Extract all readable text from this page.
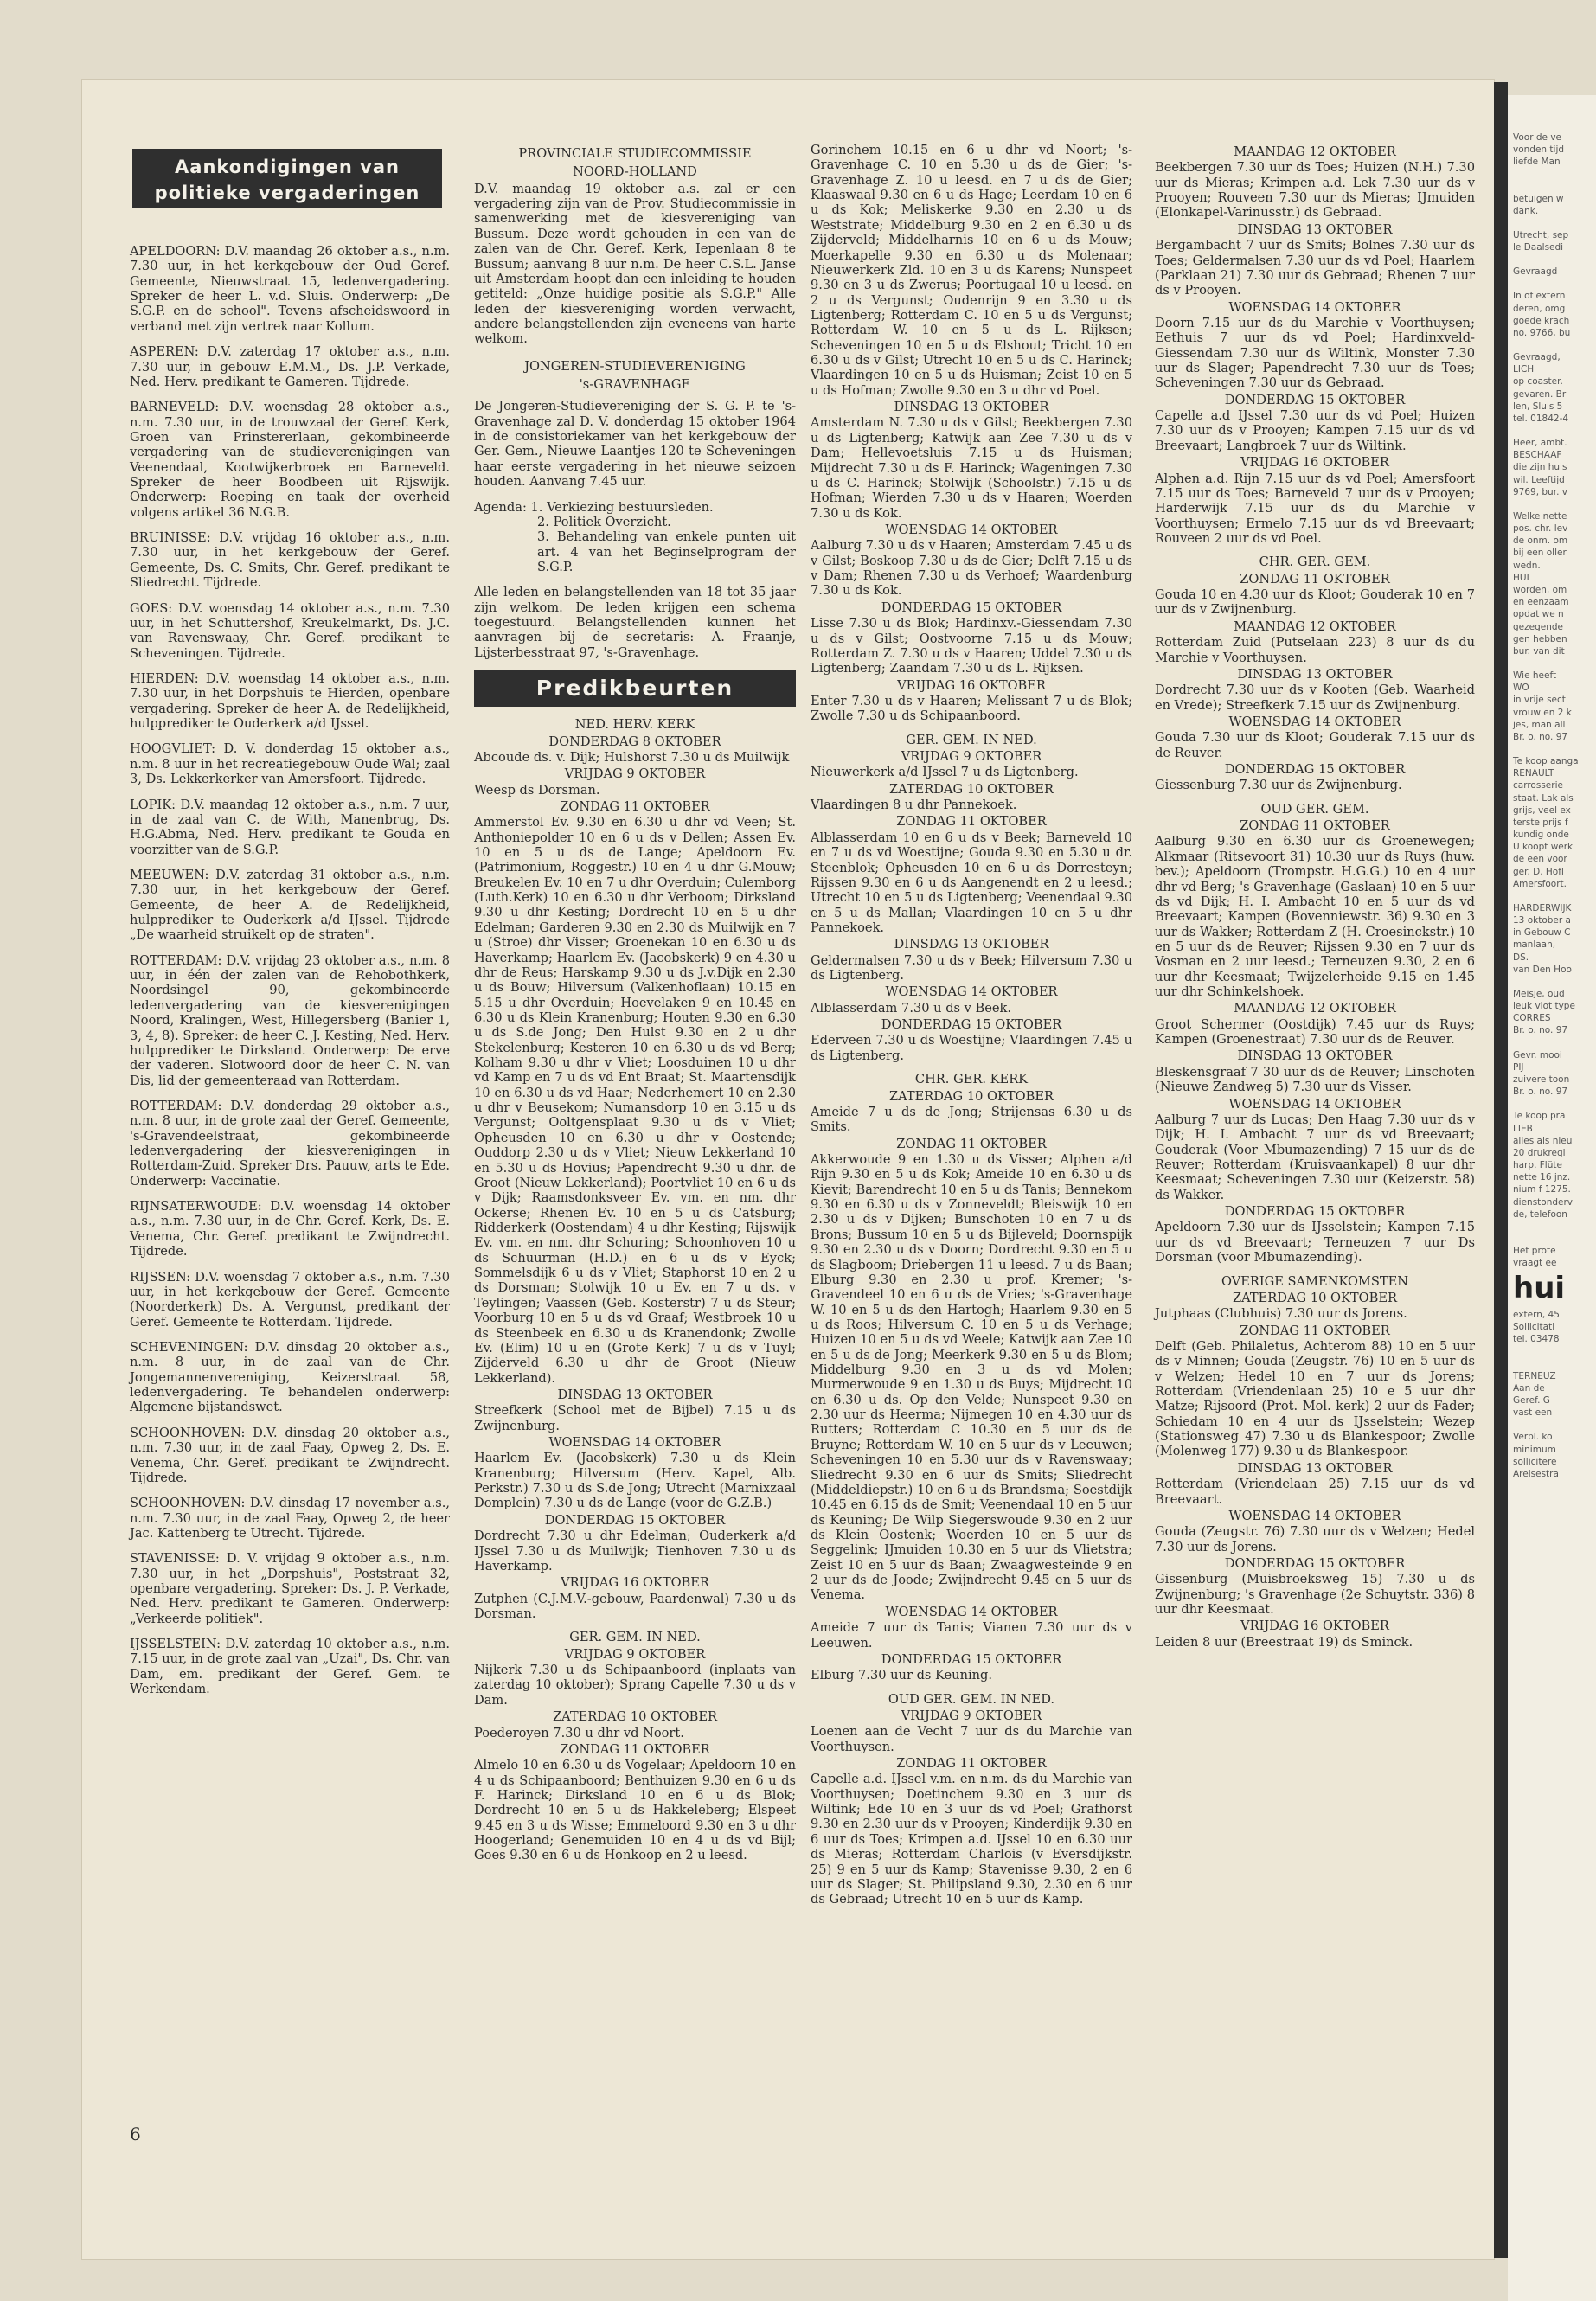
Voor de ve
vonden tijd
liefde Man
betuigen w
dank.
Utrecht, sep
le Daalsedi
Gevraagd
In of extern
deren, omg
goede krach
no. 9766, bu
Gevraagd,
LICH
op coaster.
gevaren. Br
len, Sluis 5
tel. 01842-4
Heer, ambt.
BESCHAAF
die zijn huis
wil. Leeftijd
9769, bur. v
Welke nette
pos. chr. lev
de onm. om
bij een oller
wedn.
HUI
worden, om
en eenzaam
opdat we n
gezegende
gen hebben
bur. van dit
Wie heeft
WO
in vrije sect
vrouw en 2 k
jes, man all
Br. o. no. 97
Te koop aanga
RENAULT
carrosserie
staat. Lak als
grijs, veel ex
terste prijs f
kundig onde
U koopt werk
de een voor
ger. D. Hofl
Amersfoort.
HARDERWIJK
13 oktober a
in Gebouw C
manlaan,
DS.
van Den Hoo
Meisje, oud
leuk vlot type
CORRES
Br. o. no. 97
Gevr. mooi
PIJ
zuivere toon
Br. o. no. 97
Te koop pra
LIEB
alles als nieu
20 drukregi
harp. Flüte
nette 16 jnz.
nium f 1275.
dienstonderv
de, telefoon
Het prote
vraagt ee
hui
extern, 45
Sollicitati
tel. 03478
TERNEUZ
Aan de
Geref. G
vast een
Verpl. ko
minimum
sollicitere
Arelsestra
Aankondigingen van
politieke vergaderingen

APELDOORN: D.V. maandag 26 oktober a.s., n.m. 7.30 uur, in het kerkgebouw der Oud Geref. Gemeente, Nieuwstraat 15, ledenvergadering. Spreker de heer L. v.d. Sluis. Onderwerp: „De S.G.P. en de school". Tevens afscheidswoord in verband met zijn vertrek naar Kollum.

ASPEREN: D.V. zaterdag 17 oktober a.s., n.m. 7.30 uur, in gebouw E.M.M., Ds. J.P. Verkade, Ned. Herv. predikant te Gameren. Tijdrede.

BARNEVELD: D.V. woensdag 28 oktober a.s., n.m. 7.30 uur, in de trouwzaal der Geref. Kerk, Groen van Prinstererlaan, gekombineerde vergadering van de studieverenigingen van Veenendaal, Kootwijkerbroek en Barneveld. Spreker de heer Boodbeen uit Rijswijk. Onderwerp: Roeping en taak der overheid volgens artikel 36 N.G.B.

BRUINISSE: D.V. vrijdag 16 oktober a.s., n.m. 7.30 uur, in het kerkgebouw der Geref. Gemeente, Ds. C. Smits, Chr. Geref. predikant te Sliedrecht. Tijdrede.

GOES: D.V. woensdag 14 oktober a.s., n.m. 7.30 uur, in het Schuttershof, Kreukelmarkt, Ds. J.C. van Ravenswaay, Chr. Geref. predikant te Scheveningen. Tijdrede.

HIERDEN: D.V. woensdag 14 oktober a.s., n.m. 7.30 uur, in het Dorpshuis te Hierden, openbare vergadering. Spreker de heer A. de Redelijkheid, hulpprediker te Ouderkerk a/d IJssel.

HOOGVLIET: D. V. donderdag 15 oktober a.s., n.m. 8 uur in het recreatiegebouw Oude Wal; zaal 3, Ds. Lekkerkerker van Amersfoort. Tijdrede.

LOPIK: D.V. maandag 12 oktober a.s., n.m. 7 uur, in de zaal van C. de With, Manenbrug, Ds. H.G.Abma, Ned. Herv. predikant te Gouda en voorzitter van de S.G.P.

MEEUWEN: D.V. zaterdag 31 oktober a.s., n.m. 7.30 uur, in het kerkgebouw der Geref. Gemeente, de heer A. de Redelijkheid, hulpprediker te Ouderkerk a/d IJssel. Tijdrede „De waarheid struikelt op de straten".

ROTTERDAM: D.V. vrijdag 23 oktober a.s., n.m. 8 uur, in één der zalen van de Rehobothkerk, Noordsingel 90, gekombineerde ledenvergadering van de kiesverenigingen Noord, Kralingen, West, Hillegersberg (Banier 1, 3, 4, 8). Spreker: de heer C. J. Kesting, Ned. Herv. hulpprediker te Dirksland. Onderwerp: De erve der vaderen. Slotwoord door de heer C. N. van Dis, lid der gemeenteraad van Rotterdam.

ROTTERDAM: D.V. donderdag 29 oktober a.s., n.m. 8 uur, in de grote zaal der Geref. Gemeente, 's-Gravendeelstraat, gekombineerde ledenvergadering der kiesverenigingen in Rotterdam-Zuid. Spreker Drs. Pauuw, arts te Ede. Onderwerp: Vaccinatie.

RIJNSATERWOUDE: D.V. woensdag 14 oktober a.s., n.m. 7.30 uur, in de Chr. Geref. Kerk, Ds. E. Venema, Chr. Geref. predikant te Zwijndrecht. Tijdrede.

RIJSSEN: D.V. woensdag 7 oktober a.s., n.m. 7.30 uur, in het kerkgebouw der Geref. Gemeente (Noorderkerk) Ds. A. Vergunst, predikant der Geref. Gemeente te Rotterdam. Tijdrede.

SCHEVENINGEN: D.V. dinsdag 20 oktober a.s., n.m. 8 uur, in de zaal van de Chr. Jongemannenvereniging, Keizerstraat 58, ledenvergadering. Te behandelen onderwerp: Algemene bijstandswet.

SCHOONHOVEN: D.V. dinsdag 20 oktober a.s., n.m. 7.30 uur, in de zaal Faay, Opweg 2, Ds. E. Venema, Chr. Geref. predikant te Zwijndrecht. Tijdrede.

SCHOONHOVEN: D.V. dinsdag 17 november a.s., n.m. 7.30 uur, in de zaal Faay, Opweg 2, de heer Jac. Kattenberg te Utrecht. Tijdrede.

STAVENISSE: D. V. vrijdag 9 oktober a.s., n.m. 7.30 uur, in het „Dorpshuis", Poststraat 32, openbare vergadering. Spreker: Ds. J. P. Verkade, Ned. Herv. predikant te Gameren. Onderwerp: „Verkeerde politiek".

IJSSELSTEIN: D.V. zaterdag 10 oktober a.s., n.m. 7.15 uur, in de grote zaal van „Uzai", Ds. Chr. van Dam, em. predikant der Geref. Gem. te Werkendam.

PROVINCIALE STUDIECOMMISSIE
NOORD-HOLLAND

D.V. maandag 19 oktober a.s. zal er een vergadering zijn van de Prov. Studiecommissie in samenwerking met de kiesvereniging van Bussum. Deze wordt gehouden in een van de zalen van de Chr. Geref. Kerk, Iepenlaan 8 te Bussum; aanvang 8 uur n.m. De heer C.S.L. Janse uit Amsterdam hoopt dan een inleiding te houden getiteld: „Onze huidige positie als S.G.P." Alle leden der kiesvereniging worden verwacht, andere belangstellenden zijn eveneens van harte welkom.

JONGEREN-STUDIEVERENIGING
's-GRAVENHAGE

De Jongeren-Studievereniging der S. G. P. te 's-Gravenhage zal D. V. donderdag 15 oktober 1964 in de consistoriekamer van het kerkgebouw der Ger. Gem., Nieuwe Laantjes 120 te Scheveningen haar eerste vergadering in het nieuwe seizoen houden. Aanvang 7.45 uur.

Agenda: 1. Verkiezing bestuursleden.
2. Politiek Overzicht.
3. Behandeling van enkele punten uit art. 4 van het Beginselprogram der S.G.P.

Alle leden en belangstellenden van 18 tot 35 jaar zijn welkom. De leden krijgen een schema toegestuurd. Belangstellenden kunnen het aanvragen bij de secretaris: A. Fraanje, Lijsterbesstraat 97, 's-Gravenhage.

Predikbeurten
NED. HERV. KERK
DONDERDAG 8 OKTOBER
Abcoude ds. v. Dijk; Hulshorst 7.30 u ds Muilwijk
VRIJDAG 9 OKTOBER
Weesp ds Dorsman.
ZONDAG 11 OKTOBER
Ammerstol Ev. 9.30 en 6.30 u dhr vd Veen; St. Anthoniepolder 10 en 6 u ds v Dellen; Assen Ev. 10 en 5 u ds de Lange; Apeldoorn Ev. (Patrimonium, Roggestr.) 10 en 4 u dhr G.Mouw; Breukelen Ev. 10 en 7 u dhr Overduin; Culemborg (Luth.Kerk) 10 en 6.30 u dhr Verboom; Dirksland 9.30 u dhr Kesting; Dordrecht 10 en 5 u dhr Edelman; Garderen 9.30 en 2.30 ds Muilwijk en 7 u (Stroe) dhr Visser; Groenekan 10 en 6.30 u ds Haverkamp; Haarlem Ev. (Jacobskerk) 9 en 4.30 u dhr de Reus; Harskamp 9.30 u ds J.v.Dijk en 2.30 u ds Bouw; Hilversum (Valkenhoflaan) 10.15 en 5.15 u dhr Overduin; Hoevelaken 9 en 10.45 en 6.30 u ds Klein Kranenburg; Houten 9.30 en 6.30 u ds S.de Jong; Den Hulst 9.30 en 2 u dhr Stekelenburg; Kesteren 10 en 6.30 u ds vd Berg; Kolham 9.30 u dhr v Vliet; Loosduinen 10 u dhr vd Kamp en 7 u ds vd Ent Braat; St. Maartensdijk 10 en 6.30 u ds vd Haar; Nederhemert 10 en 2.30 u dhr v Beusekom; Numansdorp 10 en 3.15 u ds Vergunst; Ooltgensplaat 9.30 u ds v Vliet; Opheusden 10 en 6.30 u dhr v Oostende; Ouddorp 2.30 u ds v Vliet; Nieuw Lekkerland 10 en 5.30 u ds Hovius; Papendrecht 9.30 u dhr. de Groot (Nieuw Lekkerland); Poortvliet 10 en 6 u ds v Dijk; Raamsdonksveer Ev. vm. en nm. dhr Ockerse; Rhenen Ev. 10 en 5 u ds Catsburg; Ridderkerk (Oostendam) 4 u dhr Kesting; Rijswijk Ev. vm. en nm. dhr Schuring; Schoonhoven 10 u ds Schuurman (H.D.) en 6 u ds v Eyck; Sommelsdijk 6 u ds v Vliet; Staphorst 10 en 2 u ds Dorsman; Stolwijk 10 u Ev. en 7 u ds. v Teylingen; Vaassen (Geb. Kosterstr) 7 u ds Steur; Voorburg 10 en 5 u ds vd Graaf; Westbroek 10 u ds Steenbeek en 6.30 u ds Kranendonk; Zwolle Ev. (Elim) 10 u en (Grote Kerk) 7 u ds v Tuyl; Zijderveld 6.30 u dhr de Groot (Nieuw Lekkerland).
DINSDAG 13 OKTOBER
Streefkerk (School met de Bijbel) 7.15 u ds Zwijnenburg.
WOENSDAG 14 OKTOBER
Haarlem Ev. (Jacobskerk) 7.30 u ds Klein Kranenburg; Hilversum (Herv. Kapel, Alb. Perkstr.) 7.30 u ds S.de Jong; Utrecht (Marnixzaal Domplein) 7.30 u ds de Lange (voor de G.Z.B.)
DONDERDAG 15 OKTOBER
Dordrecht 7.30 u dhr Edelman; Ouderkerk a/d IJssel 7.30 u ds Muilwijk; Tienhoven 7.30 u ds Haverkamp.
VRIJDAG 16 OKTOBER
Zutphen (C.J.M.V.-gebouw, Paardenwal) 7.30 u ds Dorsman.
GER. GEM. IN NED.
VRIJDAG 9 OKTOBER
Nijkerk 7.30 u ds Schipaanboord (inplaats van zaterdag 10 oktober); Sprang Capelle 7.30 u ds v Dam.
ZATERDAG 10 OKTOBER
Poederoyen 7.30 u dhr vd Noort.
ZONDAG 11 OKTOBER
Almelo 10 en 6.30 u ds Vogelaar; Apeldoorn 10 en 4 u ds Schipaanboord; Benthuizen 9.30 en 6 u ds F. Harinck; Dirksland 10 en 6 u ds Blok; Dordrecht 10 en 5 u ds Hakkeleberg; Elspeet 9.45 en 3 u ds Wisse; Emmeloord 9.30 en 3 u dhr Hoogerland; Genemuiden 10 en 4 u ds vd Bijl; Goes 9.30 en 6 u ds Honkoop en 2 u leesd.
Gorinchem 10.15 en 6 u dhr vd Noort; 's-Gravenhage C. 10 en 5.30 u ds de Gier; 's-Gravenhage Z. 10 u leesd. en 7 u ds de Gier; Klaaswaal 9.30 en 6 u ds Hage; Leerdam 10 en 6 u ds Kok; Meliskerke 9.30 en 2.30 u ds Weststrate; Middelburg 9.30 en 2 en 6.30 u ds Zijderveld; Middelharnis 10 en 6 u ds Mouw; Moerkapelle 9.30 en 6.30 u ds Molenaar; Nieuwerkerk Zld. 10 en 3 u ds Karens; Nunspeet 9.30 en 3 u ds Zwerus; Poortugaal 10 u leesd. en 2 u ds Vergunst; Oudenrijn 9 en 3.30 u ds Ligtenberg; Rotterdam C. 10 en 5 u ds Vergunst; Rotterdam W. 10 en 5 u ds L. Rijksen; Scheveningen 10 en 5 u ds Elshout; Tricht 10 en 6.30 u ds v Gilst; Utrecht 10 en 5 u ds C. Harinck; Vlaardingen 10 en 5 u ds Huisman; Zeist 10 en 5 u ds Hofman; Zwolle 9.30 en 3 u dhr vd Poel.
DINSDAG 13 OKTOBER
Amsterdam N. 7.30 u ds v Gilst; Beekbergen 7.30 u ds Ligtenberg; Katwijk aan Zee 7.30 u ds v Dam; Hellevoetsluis 7.15 u ds Huisman; Mijdrecht 7.30 u ds F. Harinck; Wageningen 7.30 u ds C. Harinck; Stolwijk (Schoolstr.) 7.15 u ds Hofman; Wierden 7.30 u ds v Haaren; Woerden 7.30 u ds Kok.
WOENSDAG 14 OKTOBER
Aalburg 7.30 u ds v Haaren; Amsterdam 7.45 u ds v Gilst; Boskoop 7.30 u ds de Gier; Delft 7.15 u ds v Dam; Rhenen 7.30 u ds Verhoef; Waardenburg 7.30 u ds Kok.
DONDERDAG 15 OKTOBER
Lisse 7.30 u ds Blok; Hardinxv.-Giessendam 7.30 u ds v Gilst; Oostvoorne 7.15 u ds Mouw; Rotterdam Z. 7.30 u ds v Haaren; Uddel 7.30 u ds Ligtenberg; Zaandam 7.30 u ds L. Rijksen.
VRIJDAG 16 OKTOBER
Enter 7.30 u ds v Haaren; Melissant 7 u ds Blok; Zwolle 7.30 u ds Schipaanboord.
GER. GEM. IN NED.
VRIJDAG 9 OKTOBER
Nieuwerkerk a/d IJssel 7 u ds Ligtenberg.
ZATERDAG 10 OKTOBER
Vlaardingen 8 u dhr Pannekoek.
ZONDAG 11 OKTOBER
Alblasserdam 10 en 6 u ds v Beek; Barneveld 10 en 7 u ds vd Woestijne; Gouda 9.30 en 5.30 u dr. Steenblok; Opheusden 10 en 6 u ds Dorresteyn; Rijssen 9.30 en 6 u ds Aangenendt en 2 u leesd.; Utrecht 10 en 5 u ds Ligtenberg; Veenendaal 9.30 en 5 u ds Mallan; Vlaardingen 10 en 5 u dhr Pannekoek.
DINSDAG 13 OKTOBER
Geldermalsen 7.30 u ds v Beek; Hilversum 7.30 u ds Ligtenberg.
WOENSDAG 14 OKTOBER
Alblasserdam 7.30 u ds v Beek.
DONDERDAG 15 OKTOBER
Ederveen 7.30 u ds Woestijne; Vlaardingen 7.45 u ds Ligtenberg.
CHR. GER. KERK
ZATERDAG 10 OKTOBER
Ameide 7 u ds de Jong; Strijensas 6.30 u ds Smits.
ZONDAG 11 OKTOBER
Akkerwoude 9 en 1.30 u ds Visser; Alphen a/d Rijn 9.30 en 5 u ds Kok; Ameide 10 en 6.30 u ds Kievit; Barendrecht 10 en 5 u ds Tanis; Bennekom 9.30 en 6.30 u ds v Zonneveldt; Bleiswijk 10 en 2.30 u ds v Dijken; Bunschoten 10 en 7 u ds Brons; Bussum 10 en 5 u ds Bijleveld; Doornspijk 9.30 en 2.30 u ds v Doorn; Dordrecht 9.30 en 5 u ds Slagboom; Driebergen 11 u leesd. 7 u ds Baan; Elburg 9.30 en 2.30 u prof. Kremer; 's-Gravendeel 10 en 6 u ds de Vries; 's-Gravenhage W. 10 en 5 u ds den Hartogh; Haarlem 9.30 en 5 u ds Roos; Hilversum C. 10 en 5 u ds Verhage; Huizen 10 en 5 u ds vd Weele; Katwijk aan Zee 10 en 5 u ds de Jong; Meerkerk 9.30 en 5 u ds Blom; Middelburg 9.30 en 3 u ds vd Molen; Murmerwoude 9 en 1.30 u ds Buys; Mijdrecht 10 en 6.30 u ds. Op den Velde; Nunspeet 9.30 en 2.30 uur ds Heerma; Nijmegen 10 en 4.30 uur ds Rutters; Rotterdam C 10.30 en 5 uur ds de Bruyne; Rotterdam W. 10 en 5 uur ds v Leeuwen; Scheveningen 10 en 5.30 uur ds v Ravenswaay; Sliedrecht 9.30 en 6 uur ds Smits; Sliedrecht (Middeldiepstr.) 10 en 6 u ds Brandsma; Soestdijk 10.45 en 6.15 ds de Smit; Veenendaal 10 en 5 uur ds Keuning; De Wilp Siegerswoude 9.30 en 2 uur ds Klein Oostenk; Woerden 10 en 5 uur ds Seggelink; IJmuiden 10.30 en 5 uur ds Vlietstra; Zeist 10 en 5 uur ds Baan; Zwaagwesteinde 9 en 2 uur ds de Joode; Zwijndrecht 9.45 en 5 uur ds Venema.
WOENSDAG 14 OKTOBER
Ameide 7 uur ds Tanis; Vianen 7.30 uur ds v Leeuwen.
DONDERDAG 15 OKTOBER
Elburg 7.30 uur ds Keuning.
OUD GER. GEM. IN NED.
VRIJDAG 9 OKTOBER
Loenen aan de Vecht 7 uur ds du Marchie van Voorthuysen.
ZONDAG 11 OKTOBER
Capelle a.d. IJssel v.m. en n.m. ds du Marchie van Voorthuysen; Doetinchem 9.30 en 3 uur ds Wiltink; Ede 10 en 3 uur ds vd Poel; Grafhorst 9.30 en 2.30 uur ds v Prooyen; Kinderdijk 9.30 en 6 uur ds Toes; Krimpen a.d. IJssel 10 en 6.30 uur ds Mieras; Rotterdam Charlois (v Eversdijkstr. 25) 9 en 5 uur ds Kamp; Stavenisse 9.30, 2 en 6 uur ds Slager; St. Philipsland 9.30, 2.30 en 6 uur ds Gebraad; Utrecht 10 en 5 uur ds Kamp.
MAANDAG 12 OKTOBER
Beekbergen 7.30 uur ds Toes; Huizen (N.H.) 7.30 uur ds Mieras; Krimpen a.d. Lek 7.30 uur ds v Prooyen; Rouveen 7.30 uur ds Mieras; IJmuiden (Elonkapel-Varinusstr.) ds Gebraad.
DINSDAG 13 OKTOBER
Bergambacht 7 uur ds Smits; Bolnes 7.30 uur ds Toes; Geldermalsen 7.30 uur ds vd Poel; Haarlem (Parklaan 21) 7.30 uur ds Gebraad; Rhenen 7 uur ds v Prooyen.
WOENSDAG 14 OKTOBER
Doorn 7.15 uur ds du Marchie v Voorthuysen; Eethuis 7 uur ds vd Poel; Hardinxveld-Giessendam 7.30 uur ds Wiltink, Monster 7.30 uur ds Slager; Papendrecht 7.30 uur ds Toes; Scheveningen 7.30 uur ds Gebraad.
DONDERDAG 15 OKTOBER
Capelle a.d IJssel 7.30 uur ds vd Poel; Huizen 7.30 uur ds v Prooyen; Kampen 7.15 uur ds vd Breevaart; Langbroek 7 uur ds Wiltink.
VRIJDAG 16 OKTOBER
Alphen a.d. Rijn 7.15 uur ds vd Poel; Amersfoort 7.15 uur ds Toes; Barneveld 7 uur ds v Prooyen; Harderwijk 7.15 uur ds du Marchie v Voorthuysen; Ermelo 7.15 uur ds vd Breevaart; Rouveen 2 uur ds vd Poel.
CHR. GER. GEM.
ZONDAG 11 OKTOBER
Gouda 10 en 4.30 uur ds Kloot; Gouderak 10 en 7 uur ds v Zwijnenburg.
MAANDAG 12 OKTOBER
Rotterdam Zuid (Putselaan 223) 8 uur ds du Marchie v Voorthuysen.
DINSDAG 13 OKTOBER
Dordrecht 7.30 uur ds v Kooten (Geb. Waarheid en Vrede); Streefkerk 7.15 uur ds Zwijnenburg.
WOENSDAG 14 OKTOBER
Gouda 7.30 uur ds Kloot; Gouderak 7.15 uur ds de Reuver.
DONDERDAG 15 OKTOBER
Giessenburg 7.30 uur ds Zwijnenburg.
OUD GER. GEM.
ZONDAG 11 OKTOBER
Aalburg 9.30 en 6.30 uur ds Groenewegen; Alkmaar (Ritsevoort 31) 10.30 uur ds Ruys (huw. bev.); Apeldoorn (Trompstr. H.G.G.) 10 en 4 uur dhr vd Berg; 's Gravenhage (Gaslaan) 10 en 5 uur ds vd Dijk; H. I. Ambacht 10 en 5 uur ds vd Breevaart; Kampen (Bovenniewstr. 36) 9.30 en 3 uur ds Wakker; Rotterdam Z (H. Croesinckstr.) 10 en 5 uur ds de Reuver; Rijssen 9.30 en 7 uur ds Vosman en 2 uur leesd.; Terneuzen 9.30, 2 en 6 uur dhr Keesmaat; Twijzelerheide 9.15 en 1.45 uur dhr Schinkelshoek.
MAANDAG 12 OKTOBER
Groot Schermer (Oostdijk) 7.45 uur ds Ruys; Kampen (Groenestraat) 7.30 uur ds de Reuver.
DINSDAG 13 OKTOBER
Bleskensgraaf 7 30 uur ds de Reuver; Linschoten (Nieuwe Zandweg 5) 7.30 uur ds Visser.
WOENSDAG 14 OKTOBER
Aalburg 7 uur ds Lucas; Den Haag 7.30 uur ds v Dijk; H. I. Ambacht 7 uur ds vd Breevaart; Gouderak (Voor Mbumazending) 7 15 uur ds de Reuver; Rotterdam (Kruisvaankapel) 8 uur dhr Keesmaat; Scheveningen 7.30 uur (Keizerstr. 58) ds Wakker.
DONDERDAG 15 OKTOBER
Apeldoorn 7.30 uur ds IJsselstein; Kampen 7.15 uur ds vd Breevaart; Terneuzen 7 uur Ds Dorsman (voor Mbumazending).
OVERIGE SAMENKOMSTEN
ZATERDAG 10 OKTOBER
Jutphaas (Clubhuis) 7.30 uur ds Jorens.
ZONDAG 11 OKTOBER
Delft (Geb. Philaletus, Achterom 88) 10 en 5 uur ds v Minnen; Gouda (Zeugstr. 76) 10 en 5 uur ds v Welzen; Hedel 10 en 7 uur ds Jorens; Rotterdam (Vriendenlaan 25) 10 e 5 uur dhr Matze; Rijsoord (Prot. Mol. kerk) 2 uur ds Fader; Schiedam 10 en 4 uur ds IJsselstein; Wezep (Stationsweg 47) 7.30 u ds Blankespoor; Zwolle (Molenweg 177) 9.30 u ds Blankespoor.
DINSDAG 13 OKTOBER
Rotterdam (Vriendelaan 25) 7.15 uur ds vd Breevaart.
WOENSDAG 14 OKTOBER
Gouda (Zeugstr. 76) 7.30 uur ds v Welzen; Hedel 7.30 uur ds Jorens.
DONDERDAG 15 OKTOBER
Gissenburg (Muisbroeksweg 15) 7.30 u ds Zwijnenburg; 's Gravenhage (2e Schuytstr. 336) 8 uur dhr Keesmaat.
VRIJDAG 16 OKTOBER
Leiden 8 uur (Breestraat 19) ds Sminck.
6
